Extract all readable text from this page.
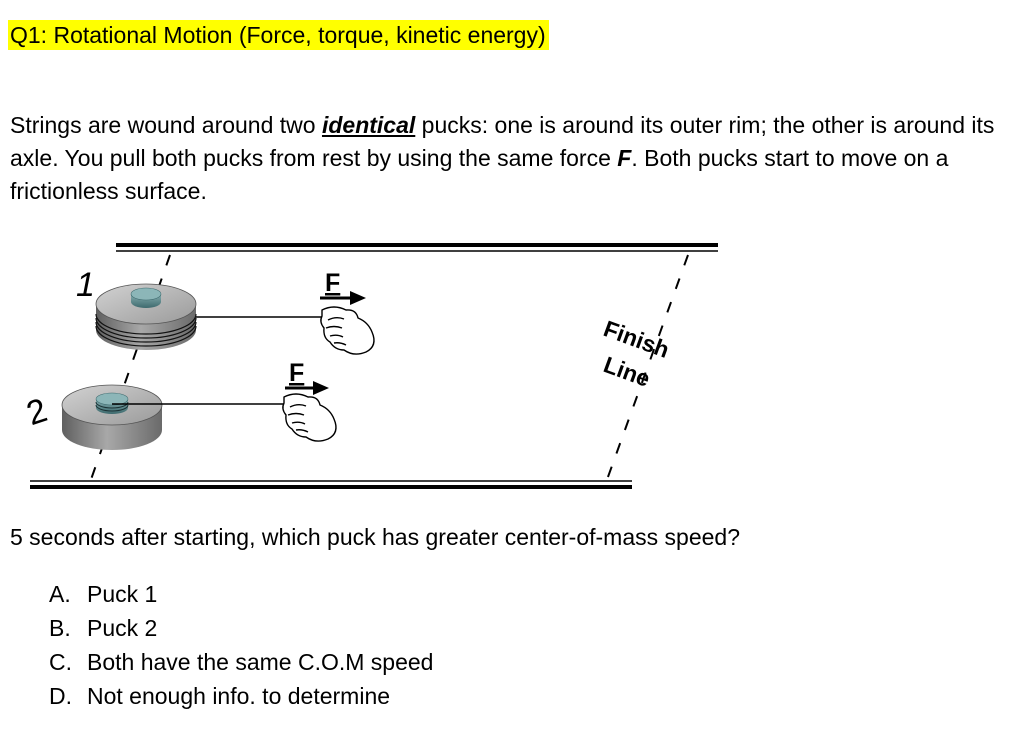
Q1: Rotational Motion (Force, torque, kinetic energy)
Strings are wound around two identical pucks: one is around its outer rim; the other is around its axle. You pull both pucks from rest by using the same force F. Both pucks start to move on a frictionless surface.
1
2
F
F
Finish
Line
5 seconds after starting, which puck has greater center-of-mass speed?
A. Puck 1
B. Puck 2
C. Both have the same C.O.M speed
D. Not enough info. to determine
